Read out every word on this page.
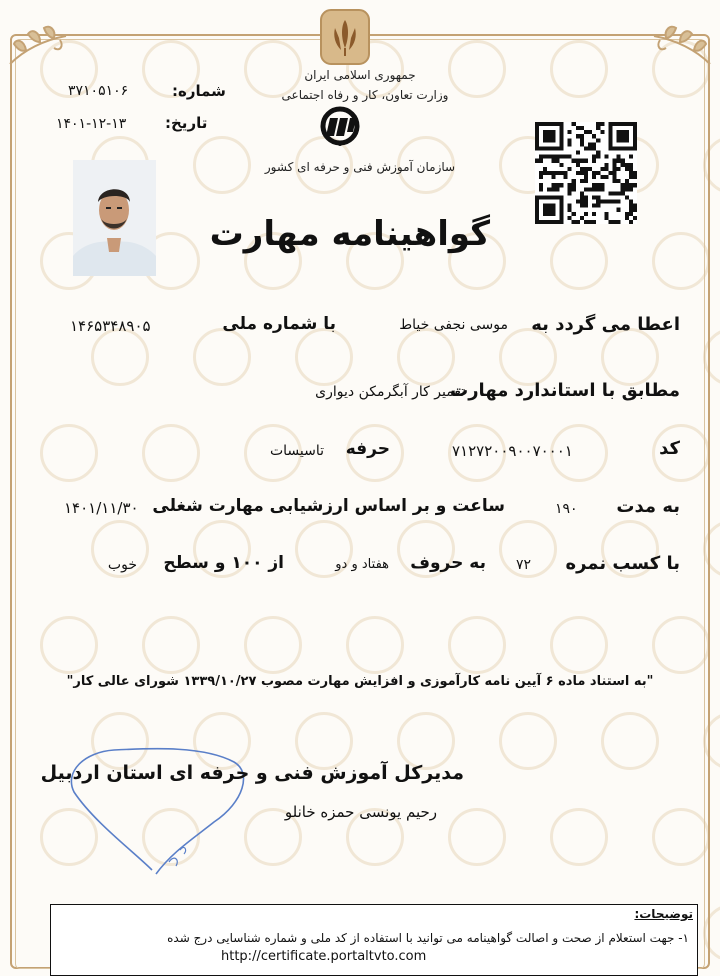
جمهوری اسلامی ایران
وزارت تعاون، کار و رفاه اجتماعی
سازمان آموزش فنی و حرفه ای کشور
شماره:
۳۷۱۰۵۱۰۶
تاریخ:
۱۴۰۱-۱۲-۱۳
گواهینامه مهارت
اعطا می گردد به
موسی نجفی خیاط
با شماره ملی
۱۴۶۵۳۴۸۹۰۵
مطابق با استاندارد مهارت
تعمیر کار آبگرمکن دیواری
کد
۷۱۲۷۲۰۰۹۰۰۷۰۰۰۱
حرفه
تاسیسات
به مدت
۱۹۰
ساعت و بر اساس ارزشیابی مهارت شغلی
۱۴۰۱/۱۱/۳۰
با کسب نمره
۷۲
به حروف
هفتاد و دو
از ۱۰۰ و سطح
خوب
"به استناد ماده ۶ آیین نامه کارآموزی و افزایش مهارت مصوب ۱۳۳۹/۱۰/۲۷ شورای عالی کار"
مدیرکل آموزش فنی و حرفه ای استان اردبیل
رحیم یونسی حمزه خانلو
توضیحات:
۱- جهت استعلام از صحت و اصالت گواهینامه می توانید با استفاده از کد ملی و شماره شناسایی درج شده
http://certificate.portaltvto.com
